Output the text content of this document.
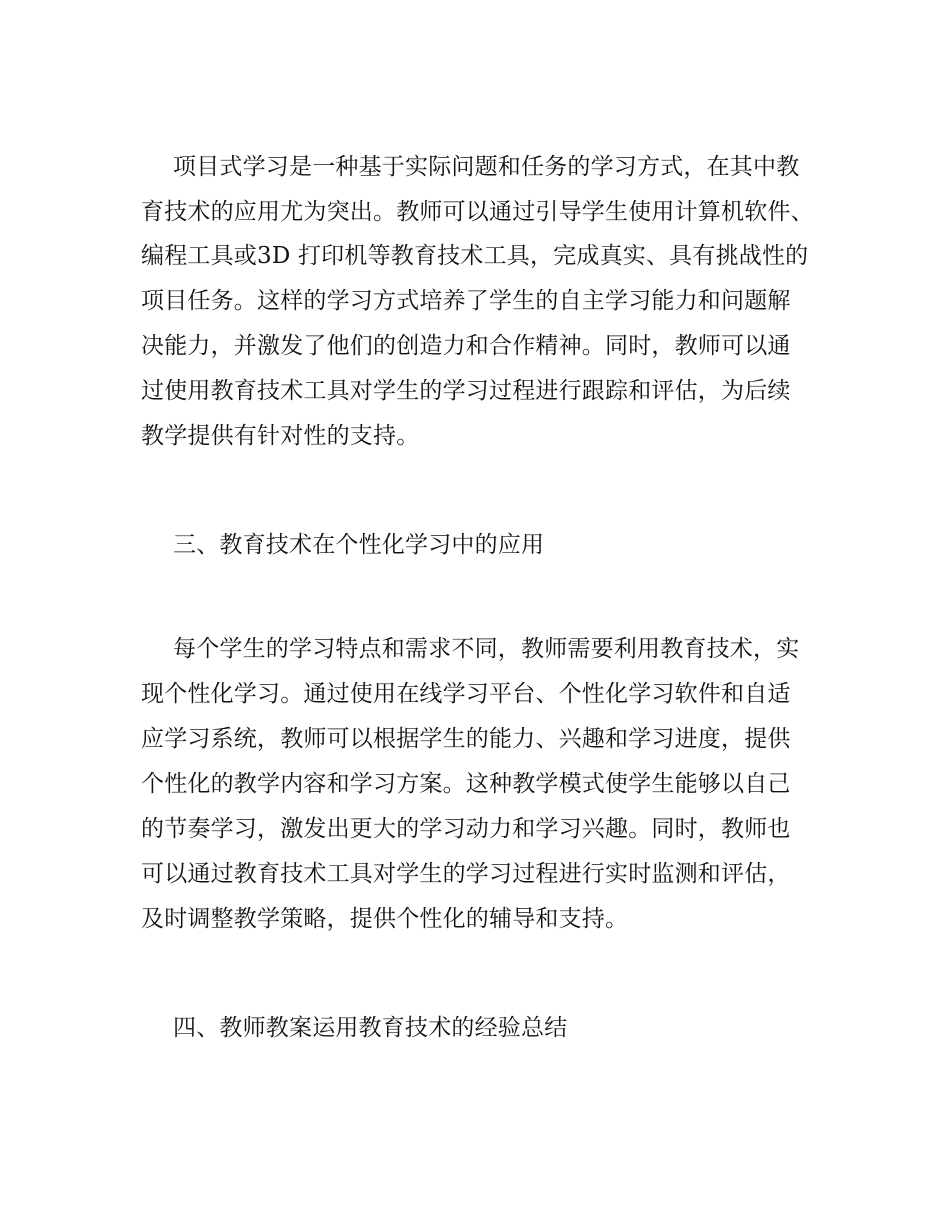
项目式学习是一种基于实际问题和任务的学习方式，在其中教
育技术的应用尤为突出。教师可以通过引导学生使用计算机软件、
编程工具或3D 打印机等教育技术工具，完成真实、具有挑战性的
项目任务。这样的学习方式培养了学生的自主学习能力和问题解
决能力，并激发了他们的创造力和合作精神。同时，教师可以通
过使用教育技术工具对学生的学习过程进行跟踪和评估，为后续
教学提供有针对性的支持。
三、教育技术在个性化学习中的应用
每个学生的学习特点和需求不同，教师需要利用教育技术，实
现个性化学习。通过使用在线学习平台、个性化学习软件和自适
应学习系统，教师可以根据学生的能力、兴趣和学习进度，提供
个性化的教学内容和学习方案。这种教学模式使学生能够以自己
的节奏学习，激发出更大的学习动力和学习兴趣。同时，教师也
可以通过教育技术工具对学生的学习过程进行实时监测和评估，
及时调整教学策略，提供个性化的辅导和支持。
四、教师教案运用教育技术的经验总结
